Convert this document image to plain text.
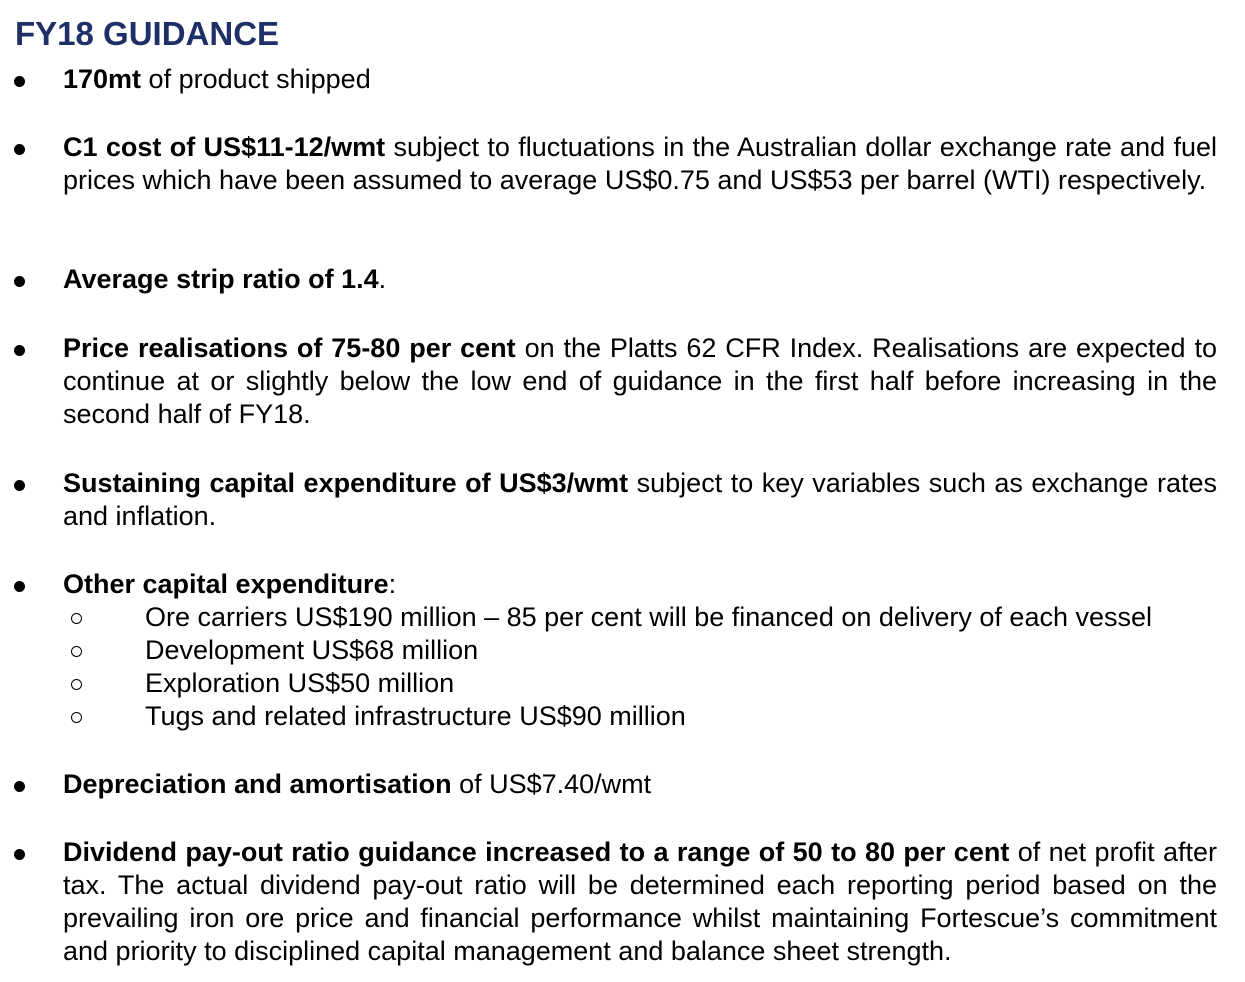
FY18 GUIDANCE
170mt of product shipped
C1 cost of US$11-12/wmt subject to fluctuations in the Australian dollar exchange rate and fuel prices which have been assumed to average US$0.75 and US$53 per barrel (WTI) respectively.
Average strip ratio of 1.4.
Price realisations of 75-80 per cent on the Platts 62 CFR Index. Realisations are expected to continue at or slightly below the low end of guidance in the first half before increasing in the second half of FY18.
Sustaining capital expenditure of US$3/wmt subject to key variables such as exchange rates and inflation.
Other capital expenditure:
Ore carriers US$190 million – 85 per cent will be financed on delivery of each vessel
Development US$68 million
Exploration US$50 million
Tugs and related infrastructure US$90 million
Depreciation and amortisation of US$7.40/wmt
Dividend pay-out ratio guidance increased to a range of 50 to 80 per cent of net profit after tax. The actual dividend pay-out ratio will be determined each reporting period based on the prevailing iron ore price and financial performance whilst maintaining Fortescue’s commitment and priority to disciplined capital management and balance sheet strength.
